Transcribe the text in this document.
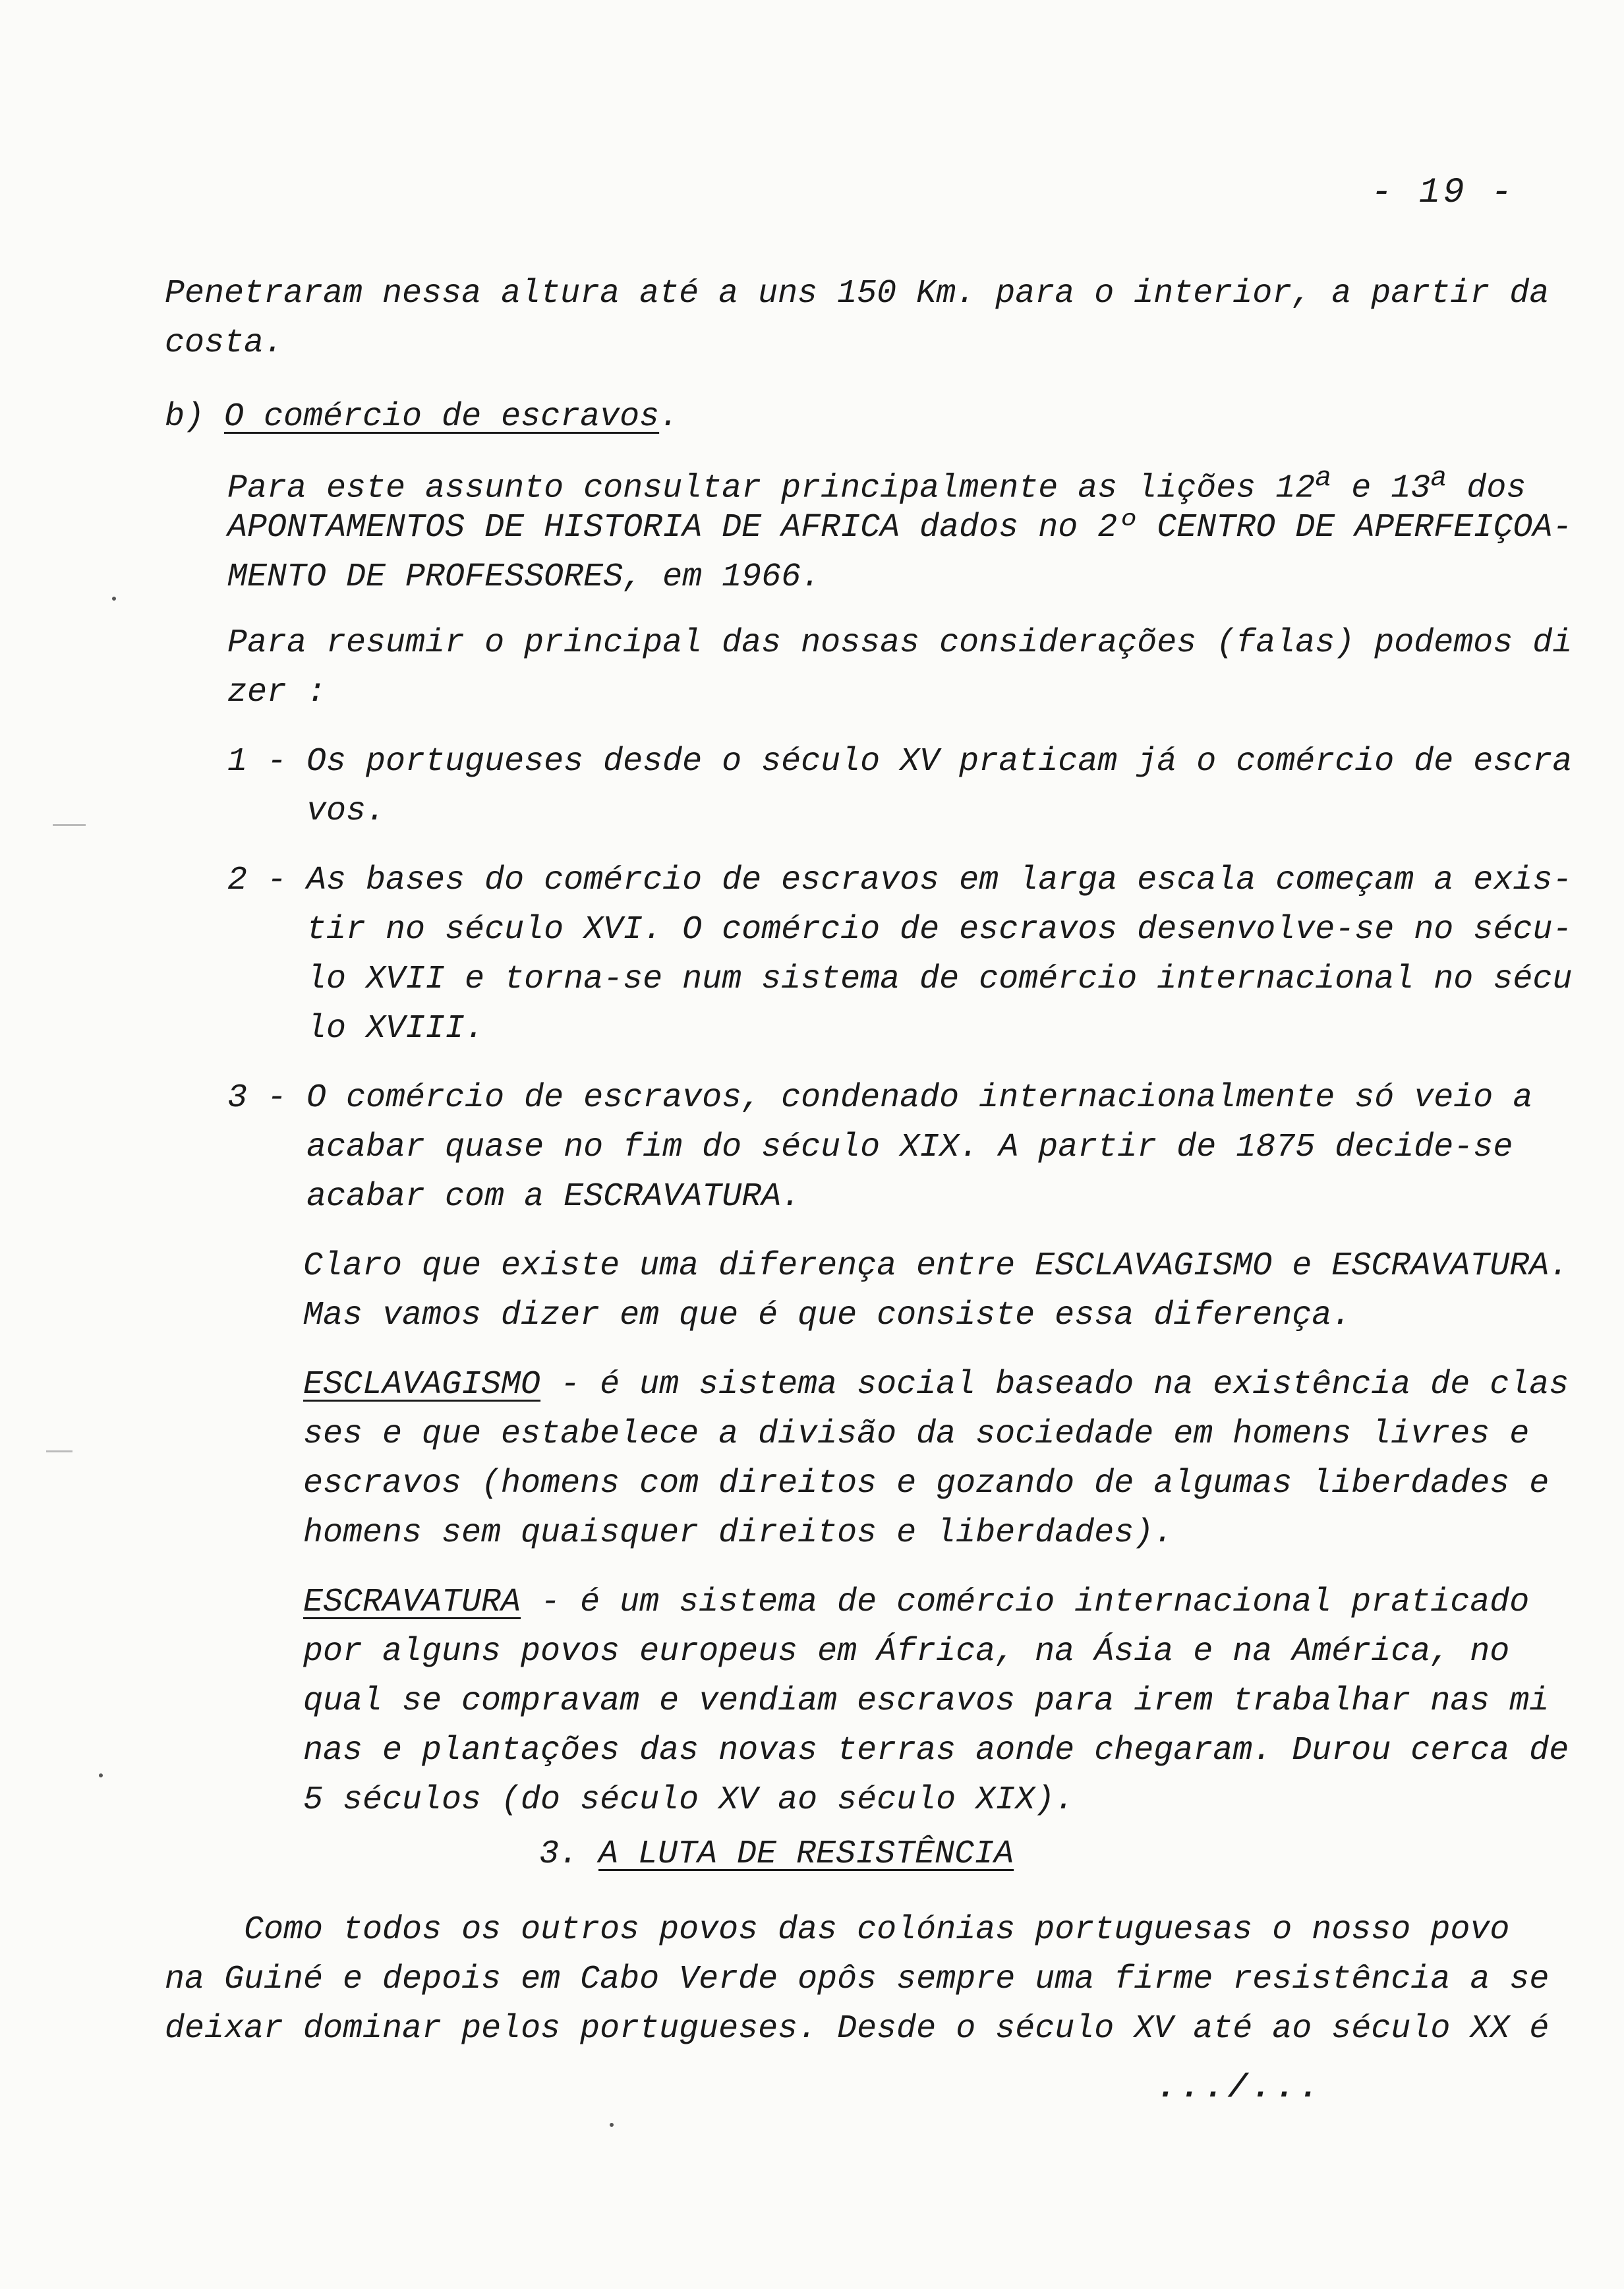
- 19 -

Penetraram nessa altura até a uns 150 Km. para o interior, a partir da

costa.

b) O comércio de escravos.

Para este assunto consultar principalmente as lições 12$^a$ e 13$^a$ dos

APONTAMENTOS DE HISTORIA DE AFRICA dados no 2º CENTRO DE APERFEIÇOA-

MENTO DE PROFESSORES, em 1966.

Para resumir o principal das nossas considerações (falas) podemos di

zer :

1 - Os portugueses desde o século XV praticam já o comércio de escra

vos.

2 - As bases do comércio de escravos em larga escala começam a exis-

tir no século XVI. O comércio de escravos desenvolve-se no sécu-

lo XVII e torna-se num sistema de comércio internacional no sécu

lo XVIII.

3 - O comércio de escravos, condenado internacionalmente só veio a

acabar quase no fim do século XIX. A partir de 1875 decide-se

acabar com a ESCRAVATURA.

Claro que existe uma diferença entre ESCLAVAGISMO e ESCRAVATURA.

Mas vamos dizer em que é que consiste essa diferença.

ESCLAVAGISMO - é um sistema social baseado na existência de clas

ses e que estabelece a divisão da sociedade em homens livres e

escravos (homens com direitos e gozando de algumas liberdades e

homens sem quaisquer direitos e liberdades).

ESCRAVATURA - é um sistema de comércio internacional praticado

por alguns povos europeus em África, na Ásia e na América, no

qual se compravam e vendiam escravos para irem trabalhar nas mi

nas e plantações das novas terras aonde chegaram. Durou cerca de

5 séculos (do século XV ao século XIX).

3. A LUTA DE RESISTÊNCIA

Como todos os outros povos das colónias portuguesas o nosso povo

na Guiné e depois em Cabo Verde opôs sempre uma firme resistência a se

deixar dominar pelos portugueses. Desde o século XV até ao século XX é

.../...
